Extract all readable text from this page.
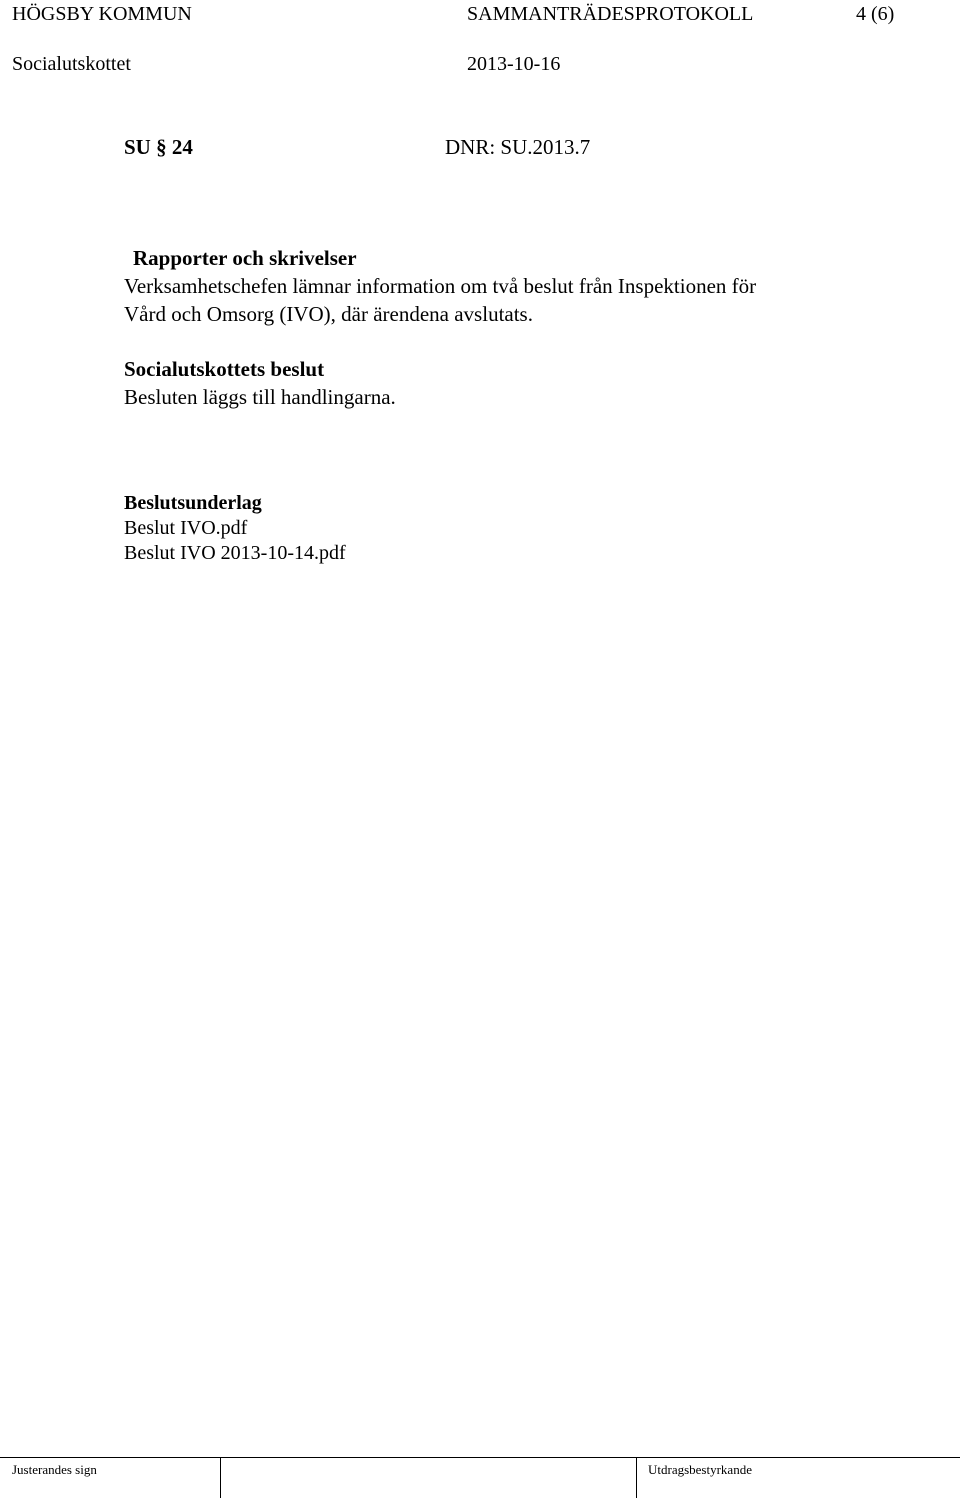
HÖGSBY KOMMUN	SAMMANTRÄDESPROTOKOLL	4 (6)
Socialutskottet	2013-10-16
SU § 24	DNR: SU.2013.7

Rapporter och skrivelser

Verksamhetschefen lämnar information om två beslut från Inspektionen för

Vård och Omsorg (IVO), där ärendena avslutats.

Socialutskottets beslut

Besluten läggs till handlingarna.

Beslutsunderlag

Beslut IVO.pdf

Beslut IVO 2013-10-14.pdf

Justerandes sign	Utdragsbestyrkande
